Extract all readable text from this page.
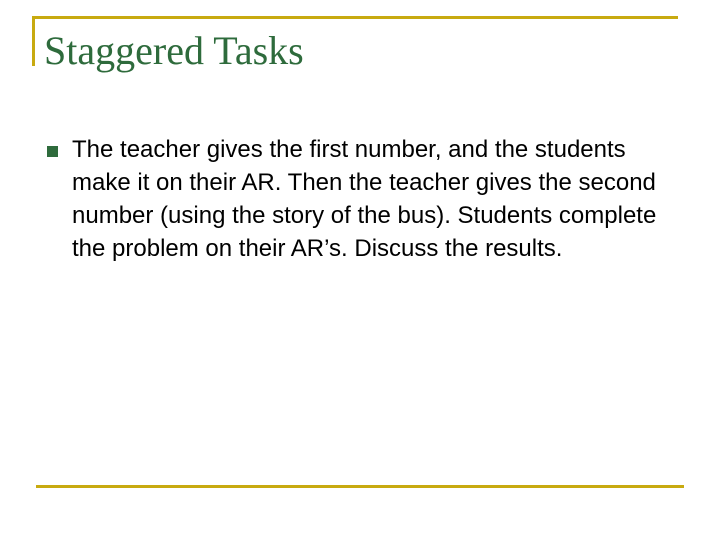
Staggered Tasks
The teacher gives the first number, and the students make it on their AR. Then the teacher gives the second number (using the story of the bus). Students complete the problem on their AR’s. Discuss the results.
